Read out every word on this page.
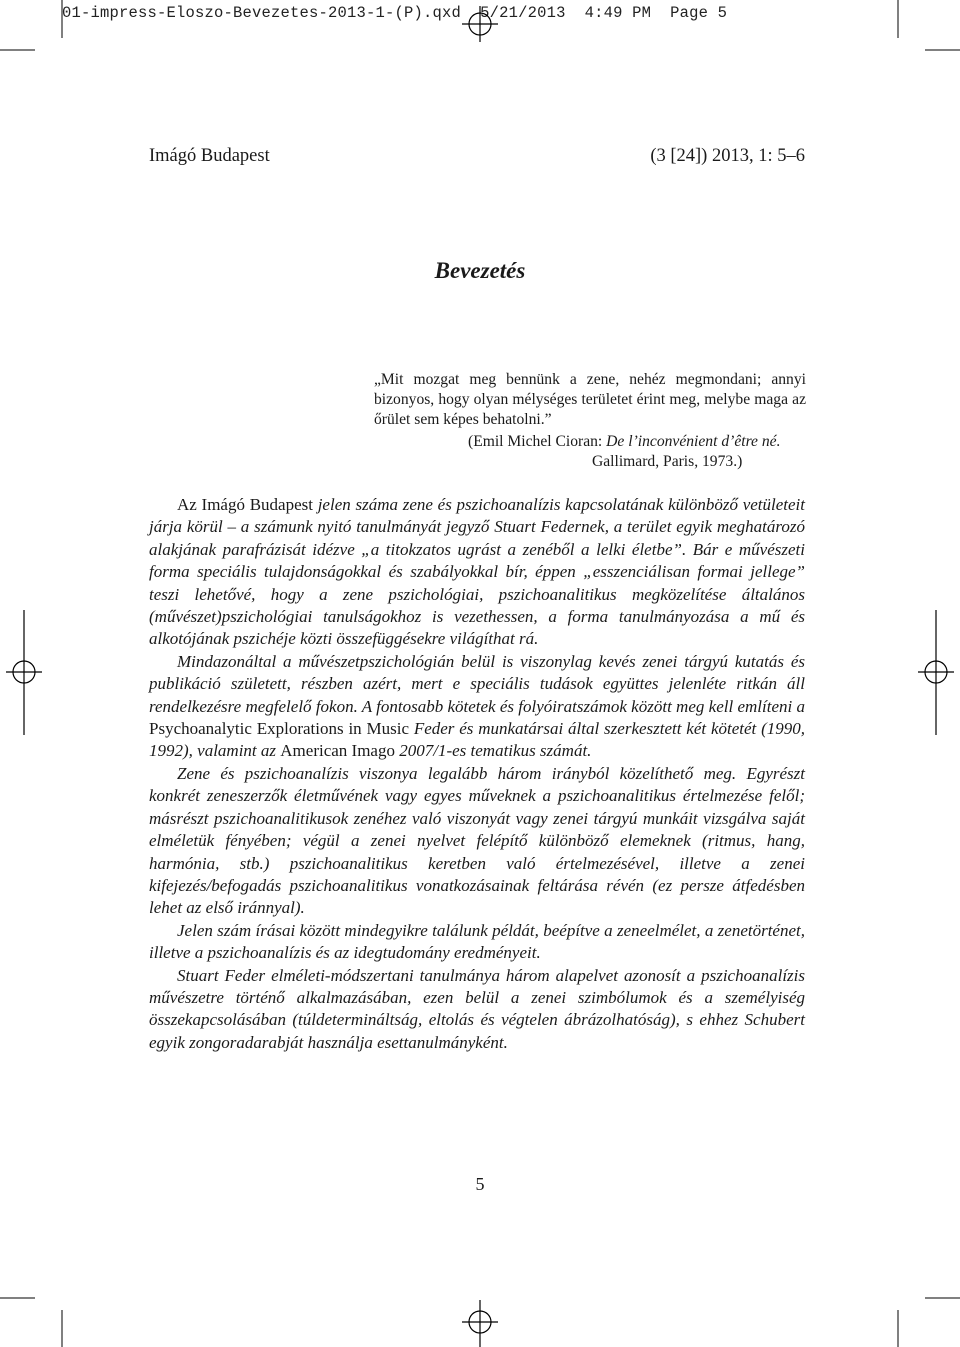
01-impress-Eloszo-Bevezetes-2013-1-(P).qxd  5/21/2013  4:49 PM  Page 5
Imágó Budapest	(3 [24]) 2013, 1: 5–6
Bevezetés
„Mit mozgat meg bennünk a zene, nehéz megmondani; annyi bizonyos, hogy olyan mélységes területet érint meg, melybe maga az őrület sem képes behatolni.”
(Emil Michel Cioran: De l’inconvénient d’être né.
Gallimard, Paris, 1973.)

Az Imágó Budapest jelen száma zene és pszichoanalízis kapcsolatának különböző vetületeit járja körül – a számunk nyitó tanulmányát jegyző Stuart Federnek, a terület egyik meghatározó alakjának parafrázisát idézve „a titokzatos ugrást a zenéből a lelki életbe”. Bár e művészeti forma speciális tulajdonságokkal és szabályokkal bír, éppen „esszenciálisan formai jellege” teszi lehetővé, hogy a zene pszichológiai, pszichoanalitikus megközelítése általános (művészet)pszichológiai tanulságokhoz is vezethessen, a forma tanulmányozása a mű és alkotójának pszichéje közti összefüggésekre világíthat rá.

Mindazonáltal a művészetpszichológián belül is viszonylag kevés zenei tárgyú kutatás és publikáció született, részben azért, mert e speciális tudások együttes jelenléte ritkán áll rendelkezésre megfelelő fokon. A fontosabb kötetek és folyóiratszámok között meg kell említeni a Psychoanalytic Explorations in Music Feder és munkatársai által szerkesztett két kötetét (1990, 1992), valamint az American Imago 2007/1-es tematikus számát.

Zene és pszichoanalízis viszonya legalább három irányból közelíthető meg. Egyrészt konkrét zeneszerzők életművének vagy egyes műveknek a pszichoanalitikus értelmezése felől; másrészt pszichoanalitikusok zenéhez való viszonyát vagy zenei tárgyú munkáit vizsgálva saját elméletük fényében; végül a zenei nyelvet felépítő különböző elemeknek (ritmus, hang, harmónia, stb.) pszichoanalitikus keretben való értelmezésével, illetve a zenei kifejezés/befogadás pszichoanalitikus vonatkozásainak feltárása révén (ez persze átfedésben lehet az első iránnyal).

Jelen szám írásai között mindegyikre találunk példát, beépítve a zeneelmélet, a zenetörténet, illetve a pszichoanalízis és az idegtudomány eredményeit.

Stuart Feder elméleti-módszertani tanulmánya három alapelvet azonosít a pszichoanalízis művészetre történő alkalmazásában, ezen belül a zenei szimbólumok és a személyiség összekapcsolásában (túldetermináltság, eltolás és végtelen ábrázolhatóság), s ehhez Schubert egyik zongoradarabját használja esettanulmányként.

5
